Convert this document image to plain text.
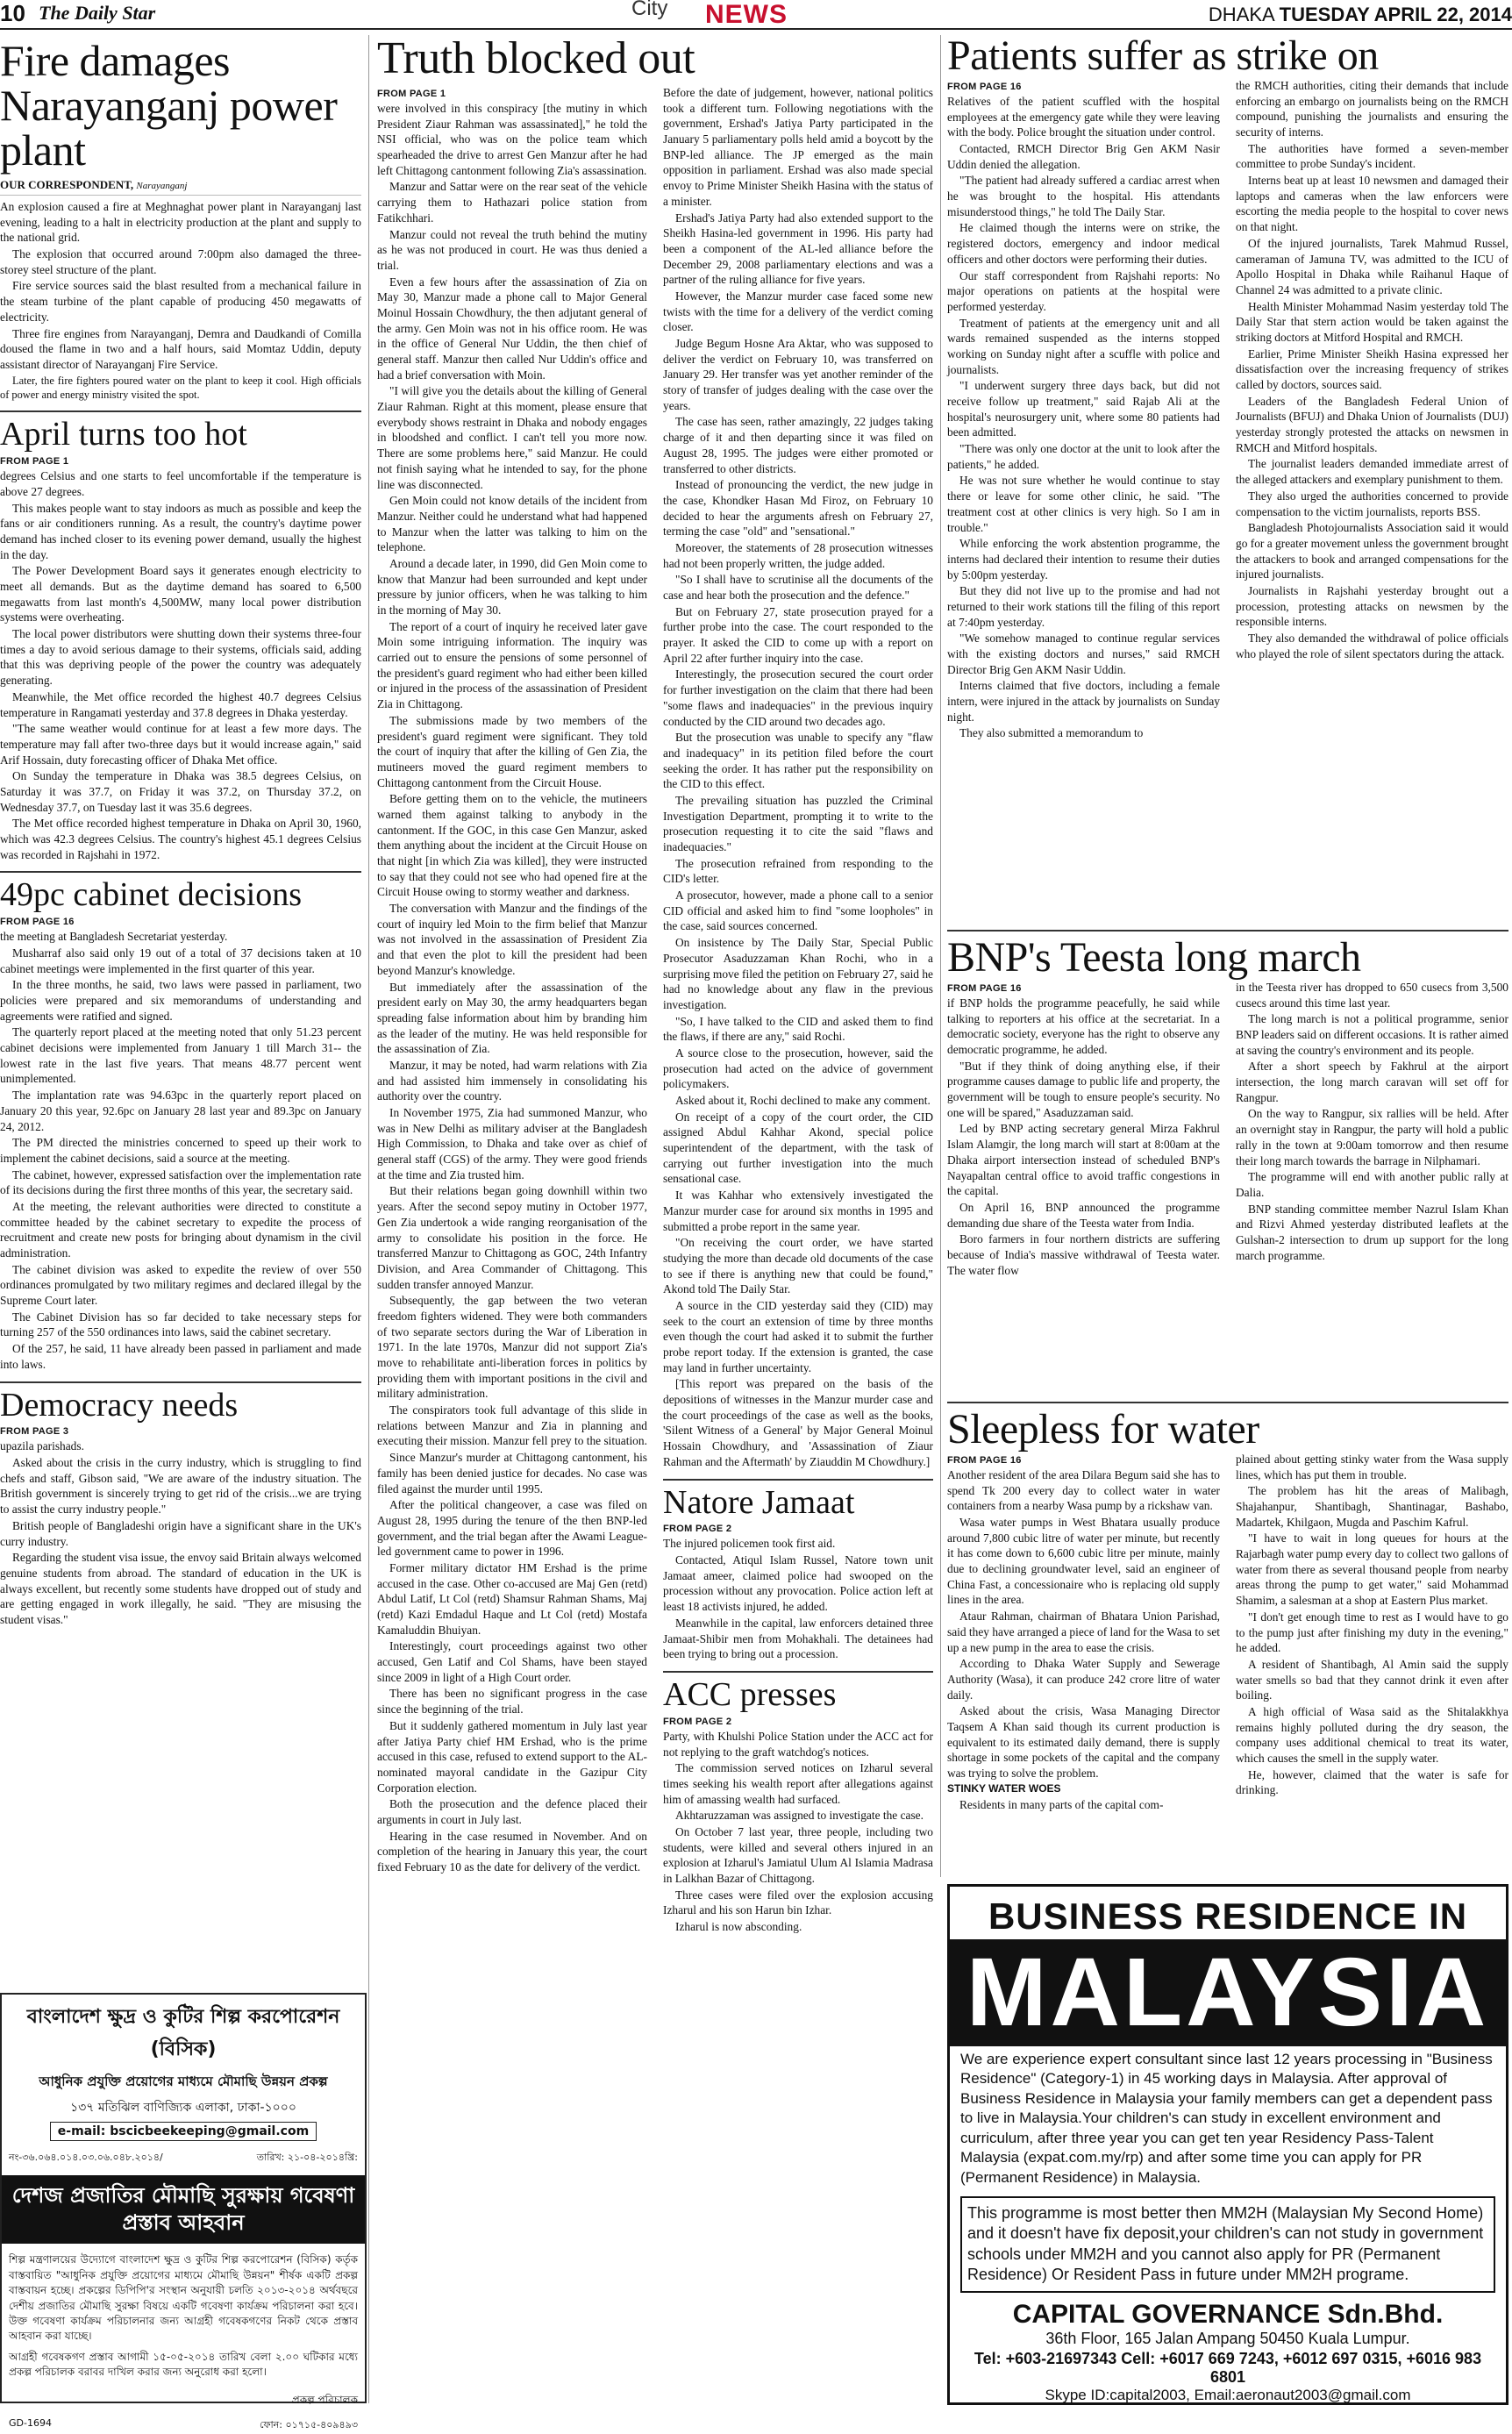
10 The Daily Star	City NEWS	DHAKA TUESDAY APRIL 22, 2014
Fire damages Narayanganj power plant
OUR CORRESPONDENT, Narayanganj

An explosion caused a fire at Meghnaghat power plant in Narayanganj last evening, leading to a halt in electricity production at the plant and supply to the national grid.

The explosion that occurred around 7:00pm also damaged the three-storey steel structure of the plant.

Fire service sources said the blast resulted from a mechanical failure in the steam turbine of the plant capable of producing 450 megawatts of electricity.

Three fire engines from Narayanganj, Demra and Daudkandi of Comilla doused the flame in two and a half hours, said Momtaz Uddin, deputy assistant director of Narayanganj Fire Service.

Later, the fire fighters poured water on the plant to keep it cool. High officials of power and energy ministry visited the spot.

April turns too hot
FROM PAGE 1

degrees Celsius and one starts to feel uncomfortable if the temperature is above 27 degrees.

This makes people want to stay indoors as much as possible and keep the fans or air conditioners running. As a result, the country's daytime power demand has inched closer to its evening power demand, usually the highest in the day.

The Power Development Board says it generates enough electricity to meet all demands. But as the daytime demand has soared to 6,500 megawatts from last month's 4,500MW, many local power distribution systems were overheating.

The local power distributors were shutting down their systems three-four times a day to avoid serious damage to their systems, officials said, adding that this was depriving people of the power the country was adequately generating.

Meanwhile, the Met office recorded the highest 40.7 degrees Celsius temperature in Rangamati yesterday and 37.8 degrees in Dhaka yesterday.

"The same weather would continue for at least a few more days. The temperature may fall after two-three days but it would increase again," said Arif Hossain, duty forecasting officer of Dhaka Met office.

On Sunday the temperature in Dhaka was 38.5 degrees Celsius, on Saturday it was 37.7, on Friday it was 37.2, on Thursday 37.2, on Wednesday 37.7, on Tuesday last it was 35.6 degrees.

The Met office recorded highest temperature in Dhaka on April 30, 1960, which was 42.3 degrees Celsius. The country's highest 45.1 degrees Celsius was recorded in Rajshahi in 1972.

49pc cabinet decisions
FROM PAGE 16

the meeting at Bangladesh Secretariat yesterday.

Musharraf also said only 19 out of a total of 37 decisions taken at 10 cabinet meetings were implemented in the first quarter of this year.

In the three months, he said, two laws were passed in parliament, two policies were prepared and six memorandums of understanding and agreements were ratified and signed.

The quarterly report placed at the meeting noted that only 51.23 percent cabinet decisions were implemented from January 1 till March 31-- the lowest rate in the last five years. That means 48.77 percent went unimplemented.

The implantation rate was 94.63pc in the quarterly report placed on January 20 this year, 92.6pc on January 28 last year and 89.3pc on January 24, 2012.

The PM directed the ministries concerned to speed up their work to implement the cabinet decisions, said a source at the meeting.

The cabinet, however, expressed satisfaction over the implementation rate of its decisions during the first three months of this year, the secretary said.

At the meeting, the relevant authorities were directed to constitute a committee headed by the cabinet secretary to expedite the process of recruitment and create new posts for bringing about dynamism in the civil administration.

The cabinet division was asked to expedite the review of over 550 ordinances promulgated by two military regimes and declared illegal by the Supreme Court later.

The Cabinet Division has so far decided to take necessary steps for turning 257 of the 550 ordinances into laws, said the cabinet secretary.

Of the 257, he said, 11 have already been passed in parliament and made into laws.

Democracy needs
FROM PAGE 3

upazila parishads.

Asked about the crisis in the curry industry, which is struggling to find chefs and staff, Gibson said, "We are aware of the industry situation. The British government is sincerely trying to get rid of the crisis...we are trying to assist the curry industry people."

British people of Bangladeshi origin have a significant share in the UK's curry industry.

Regarding the student visa issue, the envoy said Britain always welcomed genuine students from abroad. The standard of education in the UK is always excellent, but recently some students have dropped out of study and are getting engaged in work illegally, he said. "They are misusing the student visas."

বাংলাদেশ ক্ষুদ্র ও কুটির শিল্প করপোরেশন (বিসিক)
আধুনিক প্রযুক্তি প্রয়োগের মাধ্যমে মৌমাছি উন্নয়ন প্রকল্প
১৩৭ মতিঝিল বাণিজ্যিক এলাকা, ঢাকা-১০০০
e-mail: bscicbeekeeping@gmail.com
নং-৩৬.০৬৪.০১৪.০৩.০৬.০৪৮.২০১৪/	তারিখ: ২১-০৪-২০১৪খ্রি:
দেশজ প্রজাতির মৌমাছি সুরক্ষায় গবেষণা প্রস্তাব আহবান
শিল্প মন্ত্রণালয়ের উদ্যোগে বাংলাদেশ ক্ষুদ্র ও কুটির শিল্প করপোরেশন (বিসিক) কর্তৃক বাস্তবায়িত "আধুনিক প্রযুক্তি প্রয়োগের মাধ্যমে মৌমাছি উন্নয়ন" শীর্ষক একটি প্রকল্প বাস্তবায়ন হচ্ছে। প্রকল্পের ডিপিপি'র সংস্থান অনুযায়ী চলতি ২০১৩-২০১৪ অর্থবছরে দেশীয় প্রজাতির মৌমাছি সুরক্ষা বিষয়ে একটি গবেষণা কার্যক্রম পরিচালনা করা হবে। উক্ত গবেষণা কার্যক্রম পরিচালনার জন্য আগ্রহী গবেষকগণের নিকট থেকে প্রস্তাব আহবান করা যাচ্ছে।
আগ্রহী গবেষকগণ প্রস্তাব আগামী ১৫-০৫-২০১৪ তারিখ বেলা ২.০০ ঘটিকার মধ্যে প্রকল্প পরিচালক বরাবর দাখিল করার জন্য অনুরোধ করা হলো।
প্রকল্প পরিচালক
GD-1694	ফোন: ০১৭১৫-৪০৯৪৯৩
Truth blocked out
FROM PAGE 1

were involved in this conspiracy [the mutiny in which President Ziaur Rahman was assassinated]," he told the NSI official, who was on the police team which spearheaded the drive to arrest Gen Manzur after he had left Chittagong cantonment following Zia's assassination.

Manzur and Sattar were on the rear seat of the vehicle carrying them to Hathazari police station from Fatikchhari.

Manzur could not reveal the truth behind the mutiny as he was not produced in court. He was thus denied a trial.

Even a few hours after the assassination of Zia on May 30, Manzur made a phone call to Major General Moinul Hossain Chowdhury, the then adjutant general of the army. Gen Moin was not in his office room. He was in the office of General Nur Uddin, the then chief of general staff. Manzur then called Nur Uddin's office and had a brief conversation with Moin.

"I will give you the details about the killing of General Ziaur Rahman. Right at this moment, please ensure that everybody shows restraint in Dhaka and nobody engages in bloodshed and conflict. I can't tell you more now. There are some problems here," said Manzur. He could not finish saying what he intended to say, for the phone line was disconnected.

Gen Moin could not know details of the incident from Manzur. Neither could he understand what had happened to Manzur when the latter was talking to him on the telephone.

Around a decade later, in 1990, did Gen Moin come to know that Manzur had been surrounded and kept under pressure by junior officers, when he was talking to him in the morning of May 30.

The report of a court of inquiry he received later gave Moin some intriguing information. The inquiry was carried out to ensure the pensions of some personnel of the president's guard regiment who had either been killed or injured in the process of the assassination of President Zia in Chittagong.

The submissions made by two members of the president's guard regiment were significant. They told the court of inquiry that after the killing of Gen Zia, the mutineers moved the guard regiment members to Chittagong cantonment from the Circuit House.

Before getting them on to the vehicle, the mutineers warned them against talking to anybody in the cantonment. If the GOC, in this case Gen Manzur, asked them anything about the incident at the Circuit House on that night [in which Zia was killed], they were instructed to say that they could not see who had opened fire at the Circuit House owing to stormy weather and darkness.

The conversation with Manzur and the findings of the court of inquiry led Moin to the firm belief that Manzur was not involved in the assassination of President Zia and that even the plot to kill the president had been beyond Manzur's knowledge.

But immediately after the assassination of the president early on May 30, the army headquarters began spreading false information about him by branding him as the leader of the mutiny. He was held responsible for the assassination of Zia.

Manzur, it may be noted, had warm relations with Zia and had assisted him immensely in consolidating his authority over the country.

In November 1975, Zia had summoned Manzur, who was in New Delhi as military adviser at the Bangladesh High Commission, to Dhaka and take over as chief of general staff (CGS) of the army. They were good friends at the time and Zia trusted him.

But their relations began going downhill within two years. After the second sepoy mutiny in October 1977, Gen Zia undertook a wide ranging reorganisation of the army to consolidate his position in the force. He transferred Manzur to Chittagong as GOC, 24th Infantry Division, and Area Commander of Chittagong. This sudden transfer annoyed Manzur.

Subsequently, the gap between the two veteran freedom fighters widened. They were both commanders of two separate sectors during the War of Liberation in 1971. In the late 1970s, Manzur did not support Zia's move to rehabilitate anti-liberation forces in politics by providing them with important positions in the civil and military administration.

The conspirators took full advantage of this slide in relations between Manzur and Zia in planning and executing their mission. Manzur fell prey to the situation.

Since Manzur's murder at Chittagong cantonment, his family has been denied justice for decades. No case was filed against the murder until 1995.

After the political changeover, a case was filed on August 28, 1995 during the tenure of the then BNP-led government, and the trial began after the Awami League-led government came to power in 1996.

Former military dictator HM Ershad is the prime accused in the case. Other co-accused are Maj Gen (retd) Abdul Latif, Lt Col (retd) Shamsur Rahman Shams, Maj (retd) Kazi Emdadul Haque and Lt Col (retd) Mostafa Kamaluddin Bhuiyan.

Interestingly, court proceedings against two other accused, Gen Latif and Col Shams, have been stayed since 2009 in light of a High Court order.

There has been no significant progress in the case since the beginning of the trial.

But it suddenly gathered momentum in July last year after Jatiya Party chief HM Ershad, who is the prime accused in this case, refused to extend support to the AL-nominated mayoral candidate in the Gazipur City Corporation election.

Both the prosecution and the defence placed their arguments in court in July last.

Hearing in the case resumed in November. And on completion of the hearing in January this year, the court fixed February 10 as the date for delivery of the verdict.

Before the date of judgement, however, national politics took a different turn. Following negotiations with the government, Ershad's Jatiya Party participated in the January 5 parliamentary polls held amid a boycott by the BNP-led alliance. The JP emerged as the main opposition in parliament. Ershad was also made special envoy to Prime Minister Sheikh Hasina with the status of a minister.

Ershad's Jatiya Party had also extended support to the Sheikh Hasina-led government in 1996. His party had been a component of the AL-led alliance before the December 29, 2008 parliamentary elections and was a partner of the ruling alliance for five years.

However, the Manzur murder case faced some new twists with the time for a delivery of the verdict coming closer.

Judge Begum Hosne Ara Aktar, who was supposed to deliver the verdict on February 10, was transferred on January 29. Her transfer was yet another reminder of the story of transfer of judges dealing with the case over the years.

The case has seen, rather amazingly, 22 judges taking charge of it and then departing since it was filed on August 28, 1995. The judges were either promoted or transferred to other districts.

Instead of pronouncing the verdict, the new judge in the case, Khondker Hasan Md Firoz, on February 10 decided to hear the arguments afresh on February 27, terming the case "old" and "sensational."

Moreover, the statements of 28 prosecution witnesses had not been properly written, the judge added.

"So I shall have to scrutinise all the documents of the case and hear both the prosecution and the defence."

But on February 27, state prosecution prayed for a further probe into the case. The court responded to the prayer. It asked the CID to come up with a report on April 22 after further inquiry into the case.

Interestingly, the prosecution secured the court order for further investigation on the claim that there had been "some flaws and inadequacies" in the previous inquiry conducted by the CID around two decades ago.

But the prosecution was unable to specify any "flaw and inadequacy" in its petition filed before the court seeking the order. It has rather put the responsibility on the CID to this effect.

The prevailing situation has puzzled the Criminal Investigation Department, prompting it to write to the prosecution requesting it to cite the said "flaws and inadequacies."

The prosecution refrained from responding to the CID's letter.

A prosecutor, however, made a phone call to a senior CID official and asked him to find "some loopholes" in the case, said sources concerned.

On insistence by The Daily Star, Special Public Prosecutor Asaduzzaman Khan Rochi, who in a surprising move filed the petition on February 27, said he had no knowledge about any flaw in the previous investigation.

"So, I have talked to the CID and asked them to find the flaws, if there are any," said Rochi.

A source close to the prosecution, however, said the prosecution had acted on the advice of government policymakers.

Asked about it, Rochi declined to make any comment.

On receipt of a copy of the court order, the CID assigned Abdul Kahhar Akond, special police superintendent of the department, with the task of carrying out further investigation into the much sensational case.

It was Kahhar who extensively investigated the Manzur murder case for around six months in 1995 and submitted a probe report in the same year.

"On receiving the court order, we have started studying the more than decade old documents of the case to see if there is anything new that could be found," Akond told The Daily Star.

A source in the CID yesterday said they (CID) may seek to the court an extension of time by three months even though the court had asked it to submit the further probe report today. If the extension is granted, the case may land in further uncertainty.

[This report was prepared on the basis of the depositions of witnesses in the Manzur murder case and the court proceedings of the case as well as the books, 'Silent Witness of a General' by Major General Moinul Hossain Chowdhury, and 'Assassination of Ziaur Rahman and the Aftermath' by Ziauddin M Chowdhury.]

Natore Jamaat
FROM PAGE 2

The injured policemen took first aid.

Contacted, Atiqul Islam Russel, Natore town unit Jamaat ameer, claimed police had swooped on the procession without any provocation. Police action left at least 18 activists injured, he added.

Meanwhile in the capital, law enforcers detained three Jamaat-Shibir men from Mohakhali. The detainees had been trying to bring out a procession.

ACC presses
FROM PAGE 2

Party, with Khulshi Police Station under the ACC act for not replying to the graft watchdog's notices.

The commission served notices on Izharul several times seeking his wealth report after allegations against him of amassing wealth had surfaced.

Akhtaruzzaman was assigned to investigate the case.

On October 7 last year, three people, including two students, were killed and several others injured in an explosion at Izharul's Jamiatul Ulum Al Islamia Madrasa in Lalkhan Bazar of Chittagong.

Three cases were filed over the explosion accusing Izharul and his son Harun bin Izhar.

Izharul is now absconding.

Patients suffer as strike on
FROM PAGE 16

Relatives of the patient scuffled with the hospital employees at the emergency gate while they were leaving with the body. Police brought the situation under control.

Contacted, RMCH Director Brig Gen AKM Nasir Uddin denied the allegation.

"The patient had already suffered a cardiac arrest when he was brought to the hospital. His attendants misunderstood things," he told The Daily Star.

He claimed though the interns were on strike, the registered doctors, emergency and indoor medical officers and other doctors were performing their duties.

Our staff correspondent from Rajshahi reports: No major operations on patients at the hospital were performed yesterday.

Treatment of patients at the emergency unit and all wards remained suspended as the interns stopped working on Sunday night after a scuffle with police and journalists.

"I underwent surgery three days back, but did not receive follow up treatment," said Rajab Ali at the hospital's neurosurgery unit, where some 80 patients had been admitted.

"There was only one doctor at the unit to look after the patients," he added.

He was not sure whether he would continue to stay there or leave for some other clinic, he said. "The treatment cost at other clinics is very high. So I am in trouble."

While enforcing the work abstention programme, the interns had declared their intention to resume their duties by 5:00pm yesterday.

But they did not live up to the promise and had not returned to their work stations till the filing of this report at 7:40pm yesterday.

"We somehow managed to continue regular services with the existing doctors and nurses," said RMCH Director Brig Gen AKM Nasir Uddin.

Interns claimed that five doctors, including a female intern, were injured in the attack by journalists on Sunday night.

They also submitted a memorandum to

the RMCH authorities, citing their demands that include enforcing an embargo on journalists being on the RMCH compound, punishing the journalists and ensuring the security of interns.

The authorities have formed a seven-member committee to probe Sunday's incident.

Interns beat up at least 10 newsmen and damaged their laptops and cameras when the law enforcers were escorting the media people to the hospital to cover news on that night.

Of the injured journalists, Tarek Mahmud Russel, cameraman of Jamuna TV, was admitted to the ICU of Apollo Hospital in Dhaka while Raihanul Haque of Channel 24 was admitted to a private clinic.

Health Minister Mohammad Nasim yesterday told The Daily Star that stern action would be taken against the striking doctors at Mitford Hospital and RMCH.

Earlier, Prime Minister Sheikh Hasina expressed her dissatisfaction over the increasing frequency of strikes called by doctors, sources said.

Leaders of the Bangladesh Federal Union of Journalists (BFUJ) and Dhaka Union of Journalists (DUJ) yesterday strongly protested the attacks on newsmen in RMCH and Mitford hospitals.

The journalist leaders demanded immediate arrest of the alleged attackers and exemplary punishment to them.

They also urged the authorities concerned to provide compensation to the victim journalists, reports BSS.

Bangladesh Photojournalists Association said it would go for a greater movement unless the government brought the attackers to book and arranged compensations for the injured journalists.

Journalists in Rajshahi yesterday brought out a procession, protesting attacks on newsmen by the responsible interns.

They also demanded the withdrawal of police officials who played the role of silent spectators during the attack.

BNP's Teesta long march
FROM PAGE 16

if BNP holds the programme peacefully, he said while talking to reporters at his office at the secretariat. In a democratic society, everyone has the right to observe any democratic programme, he added.

"But if they think of doing anything else, if their programme causes damage to public life and property, the government will be tough to ensure people's security. No one will be spared," Asaduzzaman said.

Led by BNP acting secretary general Mirza Fakhrul Islam Alamgir, the long march will start at 8:00am at the Dhaka airport intersection instead of scheduled BNP's Nayapaltan central office to avoid traffic congestions in the capital.

On April 16, BNP announced the programme demanding due share of the Teesta water from India.

Boro farmers in four northern districts are suffering because of India's massive withdrawal of Teesta water. The water flow

in the Teesta river has dropped to 650 cusecs from 3,500 cusecs around this time last year.

The long march is not a political programme, senior BNP leaders said on different occasions. It is rather aimed at saving the country's environment and its people.

After a short speech by Fakhrul at the airport intersection, the long march caravan will set off for Rangpur.

On the way to Rangpur, six rallies will be held. After an overnight stay in Rangpur, the party will hold a public rally in the town at 9:00am tomorrow and then resume their long march towards the barrage in Nilphamari.

The programme will end with another public rally at Dalia.

BNP standing committee member Nazrul Islam Khan and Rizvi Ahmed yesterday distributed leaflets at the Gulshan-2 intersection to drum up support for the long march programme.

Sleepless for water
FROM PAGE 16

Another resident of the area Dilara Begum said she has to spend Tk 200 every day to collect water in water containers from a nearby Wasa pump by a rickshaw van.

Wasa water pumps in West Bhatara usually produce around 7,800 cubic litre of water per minute, but recently it has come down to 6,600 cubic litre per minute, mainly due to declining groundwater level, said an engineer of China Fast, a concessionaire who is replacing old supply lines in the area.

Ataur Rahman, chairman of Bhatara Union Parishad, said they have arranged a piece of land for the Wasa to set up a new pump in the area to ease the crisis.

According to Dhaka Water Supply and Sewerage Authority (Wasa), it can produce 242 crore litre of water daily.

Asked about the crisis, Wasa Managing Director Taqsem A Khan said though its current production is equivalent to its estimated daily demand, there is supply shortage in some pockets of the capital and the company was trying to solve the problem.

STINKY WATER WOES

Residents in many parts of the capital com-

plained about getting stinky water from the Wasa supply lines, which has put them in trouble.

The problem has hit the areas of Malibagh, Shajahanpur, Shantibagh, Shantinagar, Bashabo, Madartek, Khilgaon, Mugda and Paschim Kafrul.

"I have to wait in long queues for hours at the Rajarbagh water pump every day to collect two gallons of water from there as several thousand people from nearby areas throng the pump to get water," said Mohammad Shamim, a salesman at a shop at Eastern Plus market.

"I don't get enough time to rest as I would have to go to the pump just after finishing my duty in the evening," he added.

A resident of Shantibagh, Al Amin said the supply water smells so bad that they cannot drink it even after boiling.

A high official of Wasa said as the Shitalakkhya remains highly polluted during the dry season, the company uses additional chemical to treat its water, which causes the smell in the supply water.

He, however, claimed that the water is safe for drinking.

BUSINESS RESIDENCE IN
MALAYSIA
We are experience expert consultant since last 12 years processing in "Business Residence" (Category-1) in 45 working days in Malaysia. After approval of Business Residence in Malaysia your family members can get a dependent pass to live in Malaysia.Your children's can study in excellent environment and curriculum, after three year you can get ten year Residency Pass-Talent Malaysia (expat.com.my/rp) and after some time you can apply for PR (Permanent Residence) in Malaysia.
This programme is most better then MM2H (Malaysian My Second Home) and it doesn't have fix deposit,your children's can not study in government schools under MM2H and you cannot also apply for PR (Permanent Residence) Or Resident Pass in future under MM2H programe.
CAPITAL GOVERNANCE Sdn.Bhd.
36th Floor, 165 Jalan Ampang 50450 Kuala Lumpur.
Tel: +603-21697343 Cell: +6017 669 7243, +6012 697 0315, +6016 983 6801
Skype ID:capital2003, Email:aeronaut2003@gmail.com
